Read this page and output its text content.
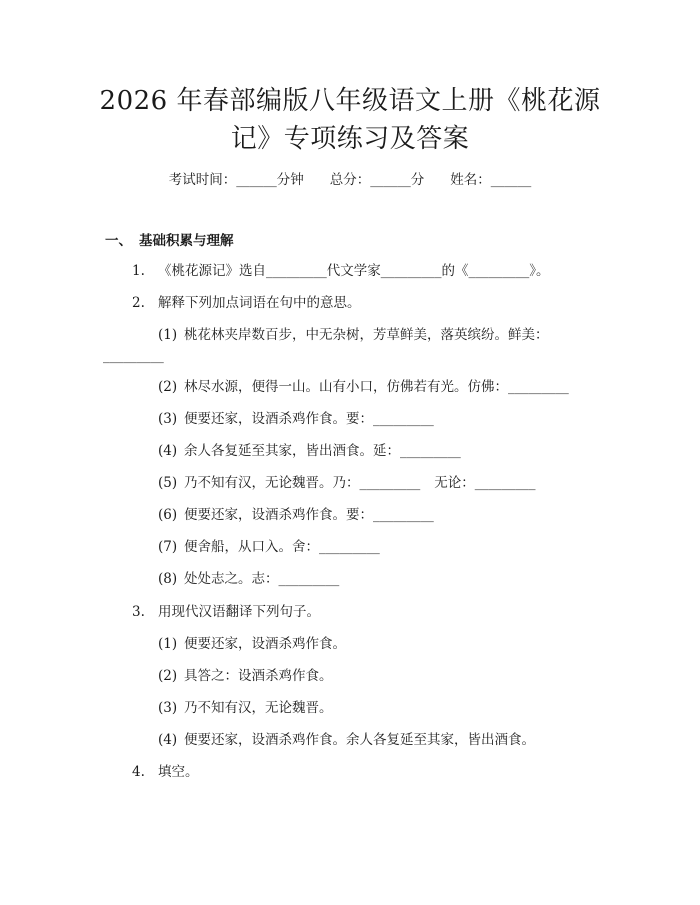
2026 年春部编版八年级语文上册《桃花源
记》专项练习及答案
考试时间：______分钟 总分：______分 姓名：______
一、 基础积累与理解
1. 《桃花源记》选自_________代文学家_________的《_________》。
2. 解释下列加点词语在句中的意思。
(1) 桃花林夹岸数百步，中无杂树，芳草鲜美，落英缤纷。鲜美：
_________
(2) 林尽水源，便得一山。山有小口，仿佛若有光。仿佛：_________
(3) 便要还家，设酒杀鸡作食。要：_________
(4) 余人各复延至其家，皆出酒食。延：_________
(5) 乃不知有汉，无论魏晋。乃：_________ 无论：_________
(6) 便要还家，设酒杀鸡作食。要：_________
(7) 便舍船，从口入。舍：_________
(8) 处处志之。志：_________
3. 用现代汉语翻译下列句子。
(1) 便要还家，设酒杀鸡作食。
(2) 具答之：设酒杀鸡作食。
(3) 乃不知有汉，无论魏晋。
(4) 便要还家，设酒杀鸡作食。余人各复延至其家，皆出酒食。
4. 填空。
